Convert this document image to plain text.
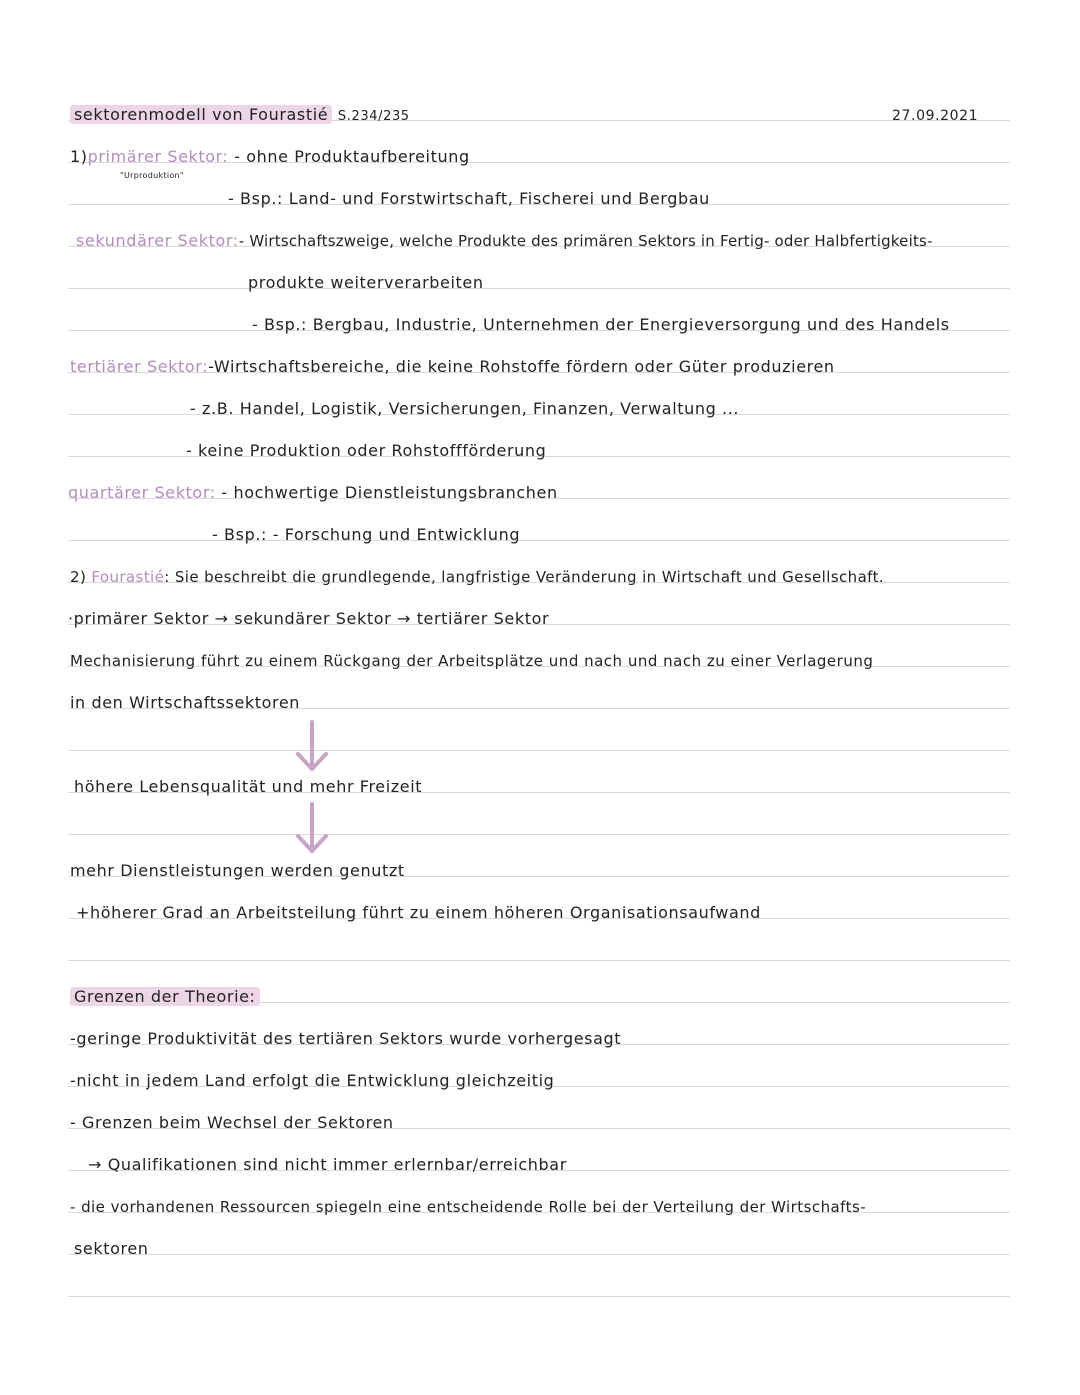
sektorenmodell von Fourastié S.234/235	27.09.2021
1)primärer Sektor: - ohne Produktaufbereitung
"Urproduktion"
- Bsp.: Land- und Forstwirtschaft, Fischerei und Bergbau
sekundärer Sektor:- Wirtschaftszweige, welche Produkte des primären Sektors in Fertig- oder Halbfertigkeits-
produkte weiterverarbeiten
- Bsp.: Bergbau, Industrie, Unternehmen der Energieversorgung und des Handels
tertiärer Sektor:-Wirtschaftsbereiche, die keine Rohstoffe fördern oder Güter produzieren
- z.B. Handel, Logistik, Versicherungen, Finanzen, Verwaltung ...
- keine Produktion oder Rohstoffförderung
quartärer Sektor: - hochwertige Dienstleistungsbranchen
- Bsp.: - Forschung und Entwicklung
2) Fourastié: Sie beschreibt die grundlegende, langfristige Veränderung in Wirtschaft und Gesellschaft.
·primärer Sektor → sekundärer Sektor → tertiärer Sektor
Mechanisierung führt zu einem Rückgang der Arbeitsplätze und nach und nach zu einer Verlagerung
in den Wirtschaftssektoren
höhere Lebensqualität und mehr Freizeit
mehr Dienstleistungen werden genutzt
+höherer Grad an Arbeitsteilung führt zu einem höheren Organisationsaufwand
Grenzen der Theorie:
-geringe Produktivität des tertiären Sektors wurde vorhergesagt
-nicht in jedem Land erfolgt die Entwicklung gleichzeitig
- Grenzen beim Wechsel der Sektoren
→ Qualifikationen sind nicht immer erlernbar/erreichbar
- die vorhandenen Ressourcen spiegeln eine entscheidende Rolle bei der Verteilung der Wirtschafts-
sektoren
